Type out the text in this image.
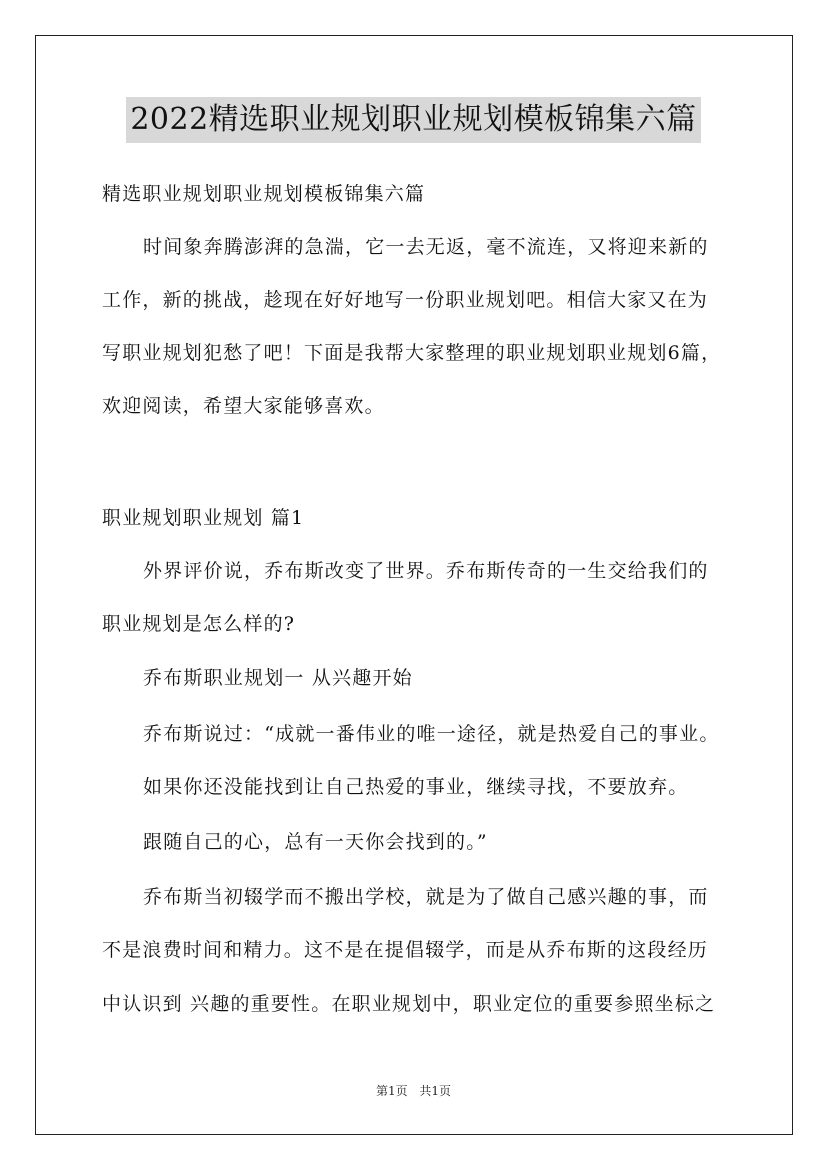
2022精选职业规划职业规划模板锦集六篇
精选职业规划职业规划模板锦集六篇
时间象奔腾澎湃的急湍，它一去无返，毫不流连，又将迎来新的
工作，新的挑战，趁现在好好地写一份职业规划吧。相信大家又在为
写职业规划犯愁了吧！下面是我帮大家整理的职业规划职业规划6篇，
欢迎阅读，希望大家能够喜欢。
职业规划职业规划 篇1
外界评价说，乔布斯改变了世界。乔布斯传奇的一生交给我们的
职业规划是怎么样的?
乔布斯职业规划一 从兴趣开始
乔布斯说过：“成就一番伟业的唯一途径，就是热爱自己的事业。
如果你还没能找到让自己热爱的事业，继续寻找，不要放弃。
跟随自己的心，总有一天你会找到的。”
乔布斯当初辍学而不搬出学校，就是为了做自己感兴趣的事，而
不是浪费时间和精力。这不是在提倡辍学，而是从乔布斯的这段经历
中认识到 兴趣的重要性。在职业规划中，职业定位的重要参照坐标之
第1页 共1页
